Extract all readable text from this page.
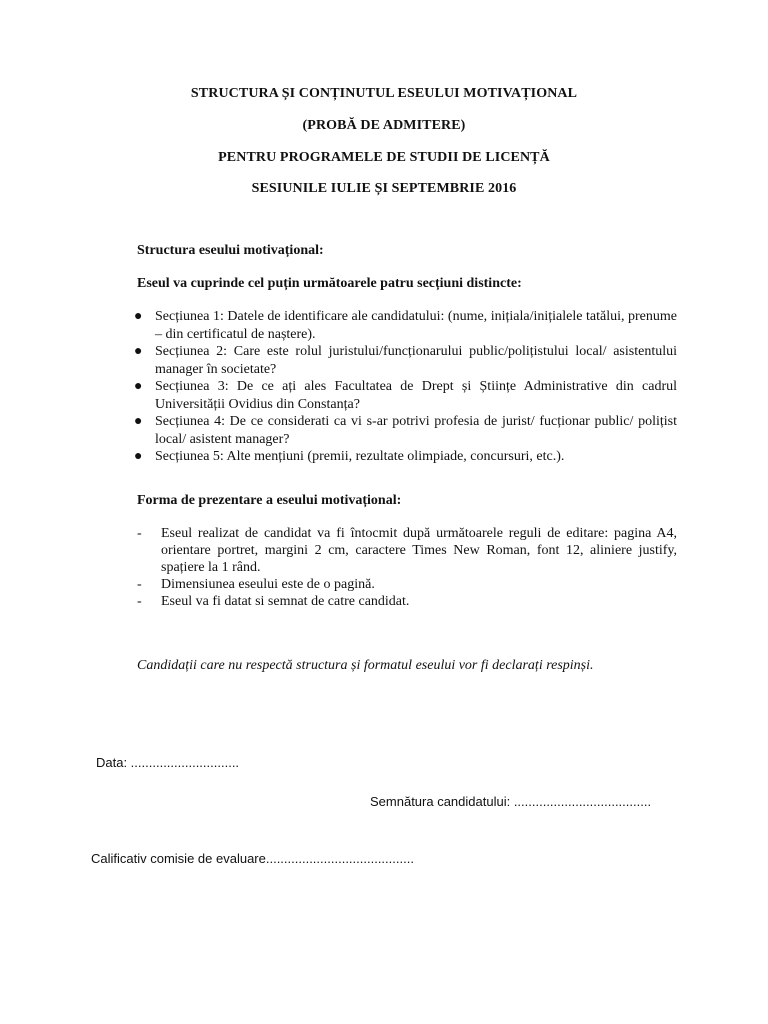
STRUCTURA ȘI CONȚINUTUL ESEULUI MOTIVAȚIONAL
(PROBĂ DE ADMITERE)
PENTRU PROGRAMELE DE STUDII DE LICENȚĂ
SESIUNILE IULIE ȘI SEPTEMBRIE 2016
Structura eseului motivațional:
Eseul va cuprinde cel puțin următoarele patru secțiuni distincte:
● Secțiunea 1: Datele de identificare ale candidatului: (nume, inițiala/inițialele tatălui, prenume – din certificatul de naștere).
● Secțiunea 2: Care este rolul juristului/funcționarului public/polițistului local/ asistentului manager în societate?
● Secțiunea 3: De ce ați ales Facultatea de Drept și Științe Administrative din cadrul Universității Ovidius din Constanța?
● Secțiunea 4: De ce considerati ca vi s-ar potrivi profesia de jurist/ fucționar public/ polițist local/ asistent manager?
● Secțiunea 5: Alte mențiuni (premii, rezultate olimpiade, concursuri, etc.).
Forma de prezentare a eseului motivațional:
- Eseul realizat de candidat va fi întocmit după următoarele reguli de editare: pagina A4, orientare portret, margini 2 cm, caractere Times New Roman, font 12, aliniere justify, spațiere la 1 rând.
- Dimensiunea eseului este de o pagină.
- Eseul va fi datat si semnat de catre candidat.
Candidații care nu respectă structura și formatul eseului vor fi declarați respinși.
Data: ..............................
Semnătura candidatului: ......................................
Calificativ comisie de evaluare.........................................
